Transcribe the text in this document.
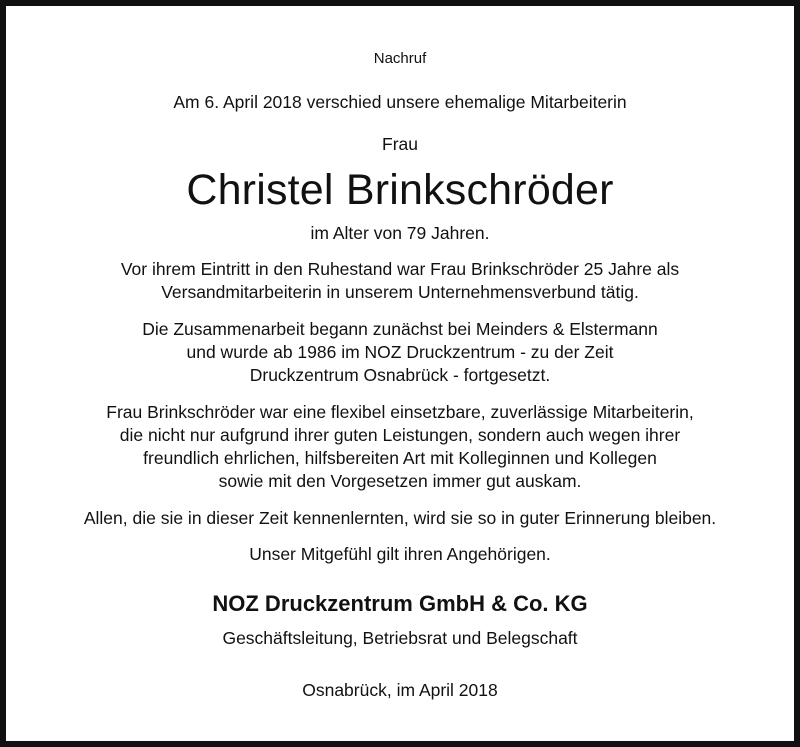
Nachruf
Am 6. April 2018 verschied unsere ehemalige Mitarbeiterin
Frau
Christel Brinkschröder
im Alter von 79 Jahren.
Vor ihrem Eintritt in den Ruhestand war Frau Brinkschröder 25 Jahre als
Versandmitarbeiterin in unserem Unternehmensverbund tätig.
Die Zusammenarbeit begann zunächst bei Meinders & Elstermann
und wurde ab 1986 im NOZ Druckzentrum - zu der Zeit
Druckzentrum Osnabrück - fortgesetzt.
Frau Brinkschröder war eine flexibel einsetzbare, zuverlässige Mitarbeiterin,
die nicht nur aufgrund ihrer guten Leistungen, sondern auch wegen ihrer
freundlich ehrlichen, hilfsbereiten Art mit Kolleginnen und Kollegen
sowie mit den Vorgesetzen immer gut auskam.
Allen, die sie in dieser Zeit kennenlernten, wird sie so in guter Erinnerung bleiben.
Unser Mitgefühl gilt ihren Angehörigen.
NOZ Druckzentrum GmbH & Co. KG
Geschäftsleitung, Betriebsrat und Belegschaft
Osnabrück, im April 2018
